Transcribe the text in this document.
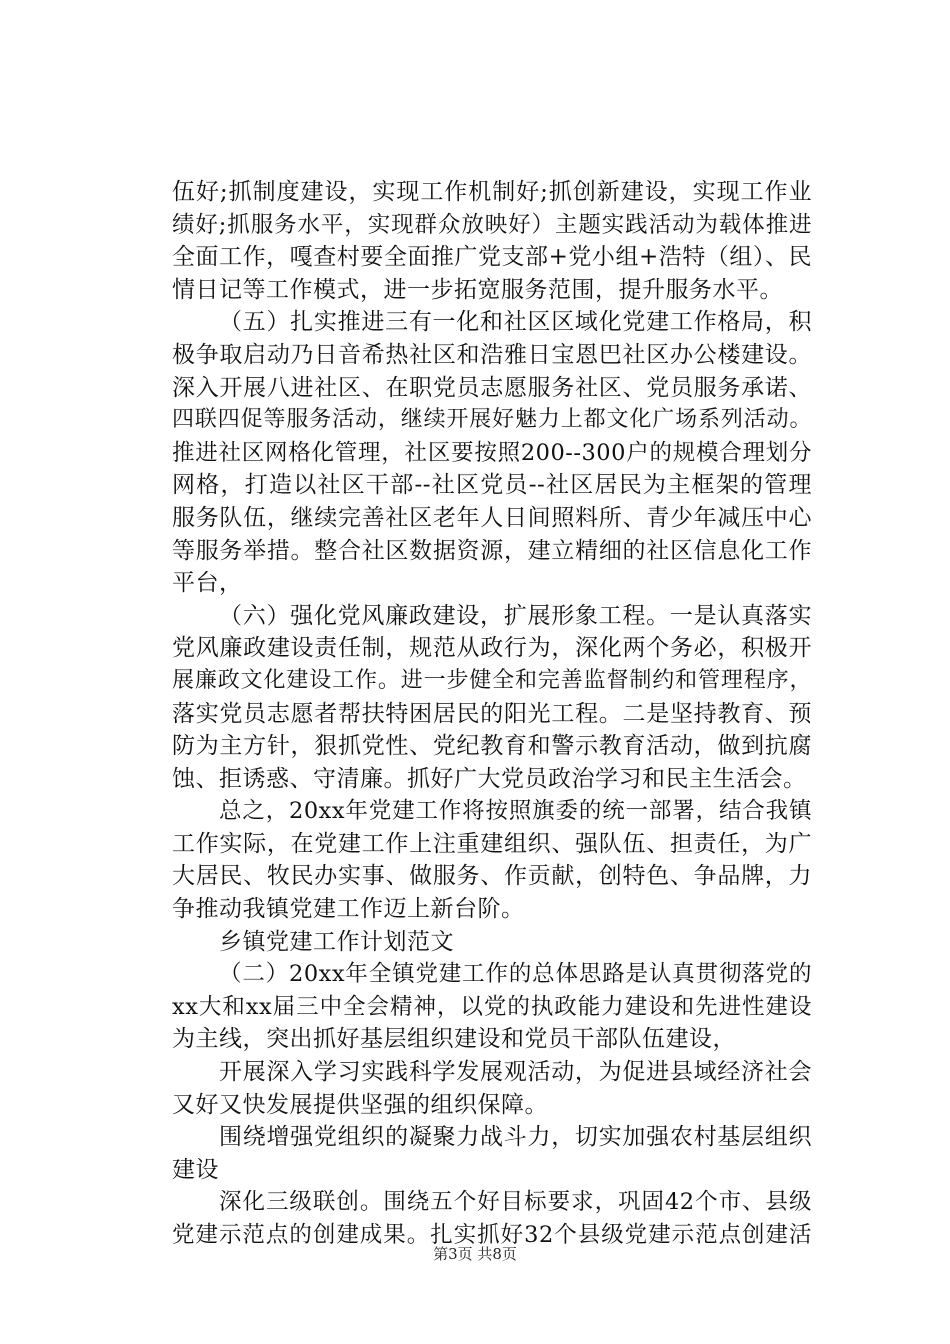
伍好;抓制度建设，实现工作机制好;抓创新建设，实现工作业
绩好;抓服务水平，实现群众放映好）主题实践活动为载体推进
全面工作，嘎查村要全面推广党支部+党小组+浩特（组）、民
情日记等工作模式，进一步拓宽服务范围，提升服务水平。
（五）扎实推进三有一化和社区区域化党建工作格局，积
极争取启动乃日音希热社区和浩雅日宝恩巴社区办公楼建设。
深入开展八进社区、在职党员志愿服务社区、党员服务承诺、
四联四促等服务活动，继续开展好魅力上都文化广场系列活动。
推进社区网格化管理，社区要按照200--300户的规模合理划分
网格，打造以社区干部--社区党员--社区居民为主框架的管理
服务队伍，继续完善社区老年人日间照料所、青少年减压中心
等服务举措。整合社区数据资源，建立精细的社区信息化工作
平台，
（六）强化党风廉政建设，扩展形象工程。一是认真落实
党风廉政建设责任制，规范从政行为，深化两个务必，积极开
展廉政文化建设工作。进一步健全和完善监督制约和管理程序，
落实党员志愿者帮扶特困居民的阳光工程。二是坚持教育、预
防为主方针，狠抓党性、党纪教育和警示教育活动，做到抗腐
蚀、拒诱惑、守清廉。抓好广大党员政治学习和民主生活会。
总之，20xx年党建工作将按照旗委的统一部署，结合我镇
工作实际，在党建工作上注重建组织、强队伍、担责任，为广
大居民、牧民办实事、做服务、作贡献，创特色、争品牌，力
争推动我镇党建工作迈上新台阶。
乡镇党建工作计划范文
（二）20xx年全镇党建工作的总体思路是认真贯彻落党的
xx大和xx届三中全会精神，以党的执政能力建设和先进性建设
为主线，突出抓好基层组织建设和党员干部队伍建设，
开展深入学习实践科学发展观活动，为促进县域经济社会
又好又快发展提供坚强的组织保障。
围绕增强党组织的凝聚力战斗力，切实加强农村基层组织
建设
深化三级联创。围绕五个好目标要求，巩固42个市、县级
党建示范点的创建成果。扎实抓好32个县级党建示范点创建活
第3页 共8页
